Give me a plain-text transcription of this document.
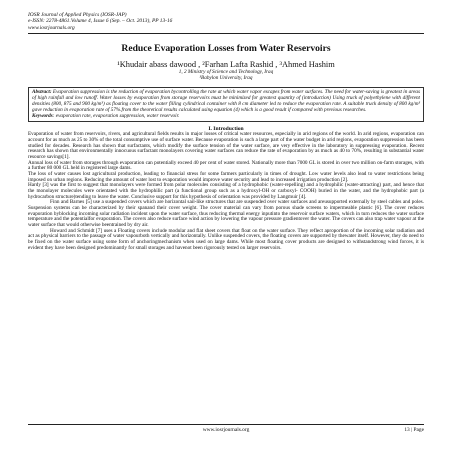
IOSR Journal of Applied Physics (IOSR-JAP)
e-ISSN: 2278-4861.Volume 4, Issue 6 (Sep. – Oct. 2013), PP 13-16
www.iosrjournals.org
Reduce Evaporation Losses from Water Reservoirs
¹Khudair abass dawood , ²Farhan Lafta Rashid , ³Ahmed Hashim
1, 2 Ministry of Science and Technology, Iraq
³Babylon University, Iraq
Abstract: Evaporation suppression is the reduction of evaporation bycontrolling the rate at which water vapor escapes from water surfaces. The need for water-saving is greatest in areas of high rainfall and low runoff. Water losses by evaporation from storage reservoirs must be minimized for greatest quantity of (introduction) Using truck of polyethylene with different densities (800, 875 and 900 kg/m³) as floating cover to the water filling cylindrical container with 8 cm diameter led to reduce the evaporation rate. A suitable truck density of 800 kg/m³ gave reduction in evaporation rate of 57%.from the theoretical results calculated using equation (4) which is a good result if compared with previous researches.
Keywords: evaporation rate, evaporation suppression, water reservoir.
I. Introduction

Evaporation of water from reservoirs, rivers, and agricultural fields results in major losses of critical water resources, especially in arid regions of the world. In arid regions, evaporation can account for as much as 25 to 30% of the total consumptive use of surface water. Because evaporation is such a large part of the water budget in arid regions, evaporation suppression has been studied for decades. Research has shown that surfactants, which modify the surface tension of the water surface, are very effective in the laboratory in suppressing evaporation. Recent research has shown that environmentally innocuous surfactant monolayers covering water surfaces can reduce the rate of evaporation by as much as 40 to 70%, resulting in substantial water resource savings[1].

Annual loss of water from storages through evaporation can potentially exceed 40 per cent of water stored. Nationally more than 7000 GL is stored in over two million on-farm storages, with a further 80 000 GL held in registered large dams.

The loss of water causes lost agricultural production, leading to financial stress for some farmers particularly in times of drought. Low water levels also lead to water restrictions being imposed on urban regions. Reducing the amount of water lost to evaporation would improve water security and lead to increased irrigation production [2].

Hardy [3] was the first to suggest that monolayers were formed from polar molecules consisting of a hydrophobic (water-repelling) and a hydrophilic (water-attracting) part, and hence that the monolayer molecules were orientated with the hydrophilic part (a functional group such as a hydroxyl-OH or carboxyl- COOH) buried in the water, and the hydrophobic part (a hydrocarbon structure)tending to leave the water. Conclusive support for this hypothesis of orientation was provided by Langmuir [4].

Finn and Barnes [5] use a suspended covers which are horizontal sail-like structures that are suspended over water surfaces and areusupported externally by steel cables and poles. Suspension systems can be characterized by their spanand their cover weight. The cover material can vary from porous shade screens to impermeable plastic [6]. The cover reduces evaporation byblocking incoming solar radiation incident upon the water surface, thus reducing thermal energy inputinto the reservoir surface waters, which in turn reduces the water surface temperature and the potentialfor evaporation. The covers also reduce surface wind action by lowering the vapour pressure gradientover the water. The covers can also trap water vapour at the water surface that would otherwise beentrained by dry air.

Howard and Schmidt [7] uses a Floating covers include modular and flat sheet covers that float on the water surface. They reflect aproportion of the incoming solar radiation and act as physical barriers to the passage of water vapourboth vertically and horizontally. Unlike suspended covers, the floating covers are supported by thewater itself. However, they do need to be fixed on the water surface using some form of anchoringmechanism when used on large dams. While most floating cover products are designed to withstandstrong wind forces, it is evident they have been designed predominantly for small storages and havenot been rigorously tested on larger reservoirs.

www.iosrjournals.org	13 | Page
